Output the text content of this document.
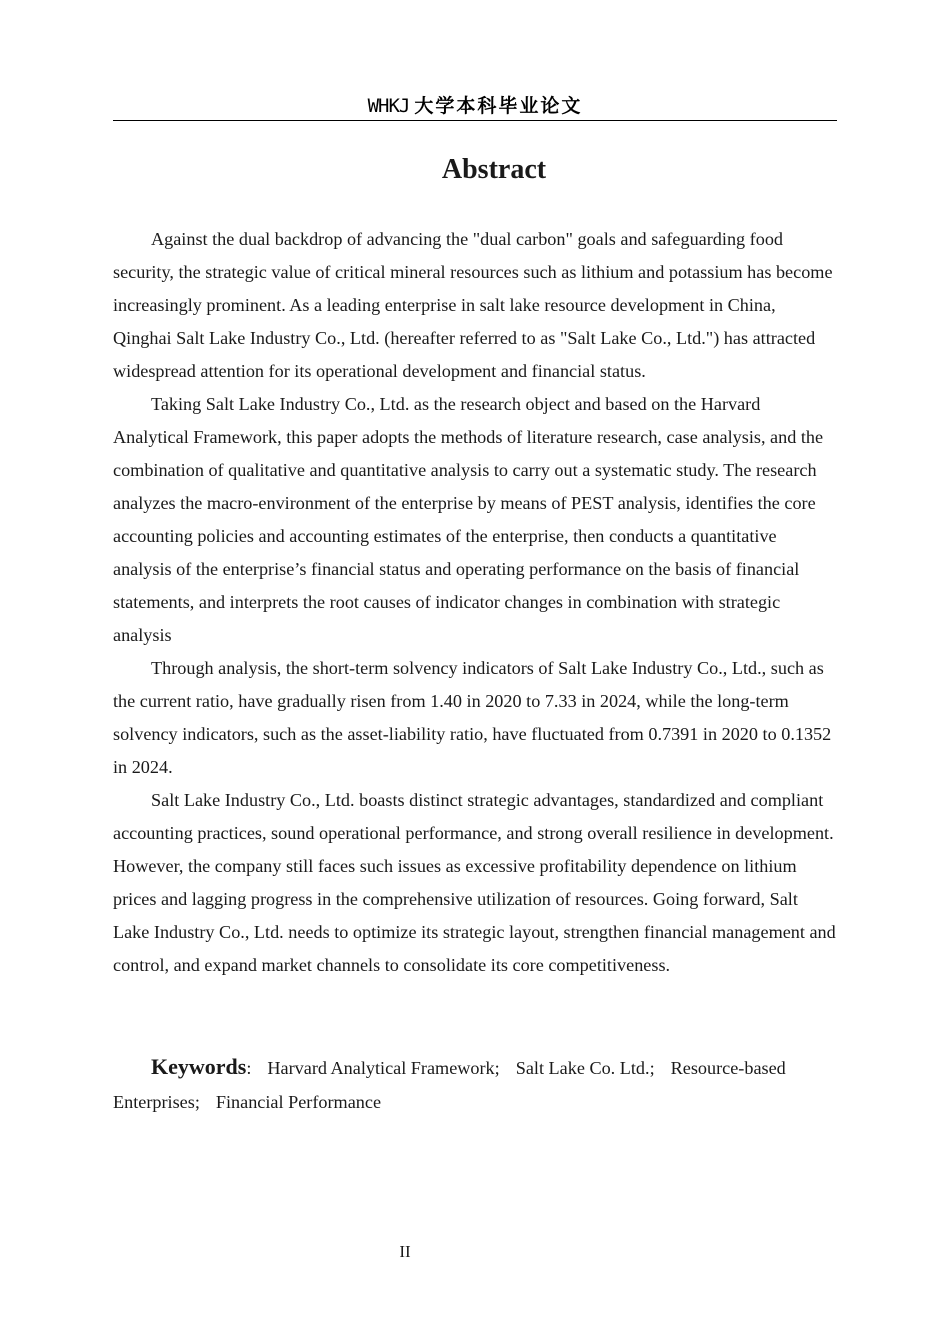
WHKJ 大学本科毕业论文
Abstract

Against the dual backdrop of advancing the "dual carbon" goals and safeguarding food security, the strategic value of critical mineral resources such as lithium and potassium has become increasingly prominent. As a leading enterprise in salt lake resource development in China, Qinghai Salt Lake Industry Co., Ltd. (hereafter referred to as "Salt Lake Co., Ltd.") has attracted widespread attention for its operational development and financial status.

Taking Salt Lake Industry Co., Ltd. as the research object and based on the Harvard Analytical Framework, this paper adopts the methods of literature research, case analysis, and the combination of qualitative and quantitative analysis to carry out a systematic study. The research analyzes the macro-environment of the enterprise by means of PEST analysis, identifies the core accounting policies and accounting estimates of the enterprise, then conducts a quantitative analysis of the enterprise’s financial status and operating performance on the basis of financial statements, and interprets the root causes of indicator changes in combination with strategic analysis

Through analysis, the short-term solvency indicators of Salt Lake Industry Co., Ltd., such as the current ratio, have gradually risen from 1.40 in 2020 to 7.33 in 2024, while the long-term solvency indicators, such as the asset-liability ratio, have fluctuated from 0.7391 in 2020 to 0.1352 in 2024.

Salt Lake Industry Co., Ltd. boasts distinct strategic advantages, standardized and compliant accounting practices, sound operational performance, and strong overall resilience in development. However, the company still faces such issues as excessive profitability dependence on lithium prices and lagging progress in the comprehensive utilization of resources. Going forward, Salt Lake Industry Co., Ltd. needs to optimize its strategic layout, strengthen financial management and control, and expand market channels to consolidate its core competitiveness.

Keywords: Harvard Analytical Framework; Salt Lake Co. Ltd.; Resource-based Enterprises; Financial Performance

II
